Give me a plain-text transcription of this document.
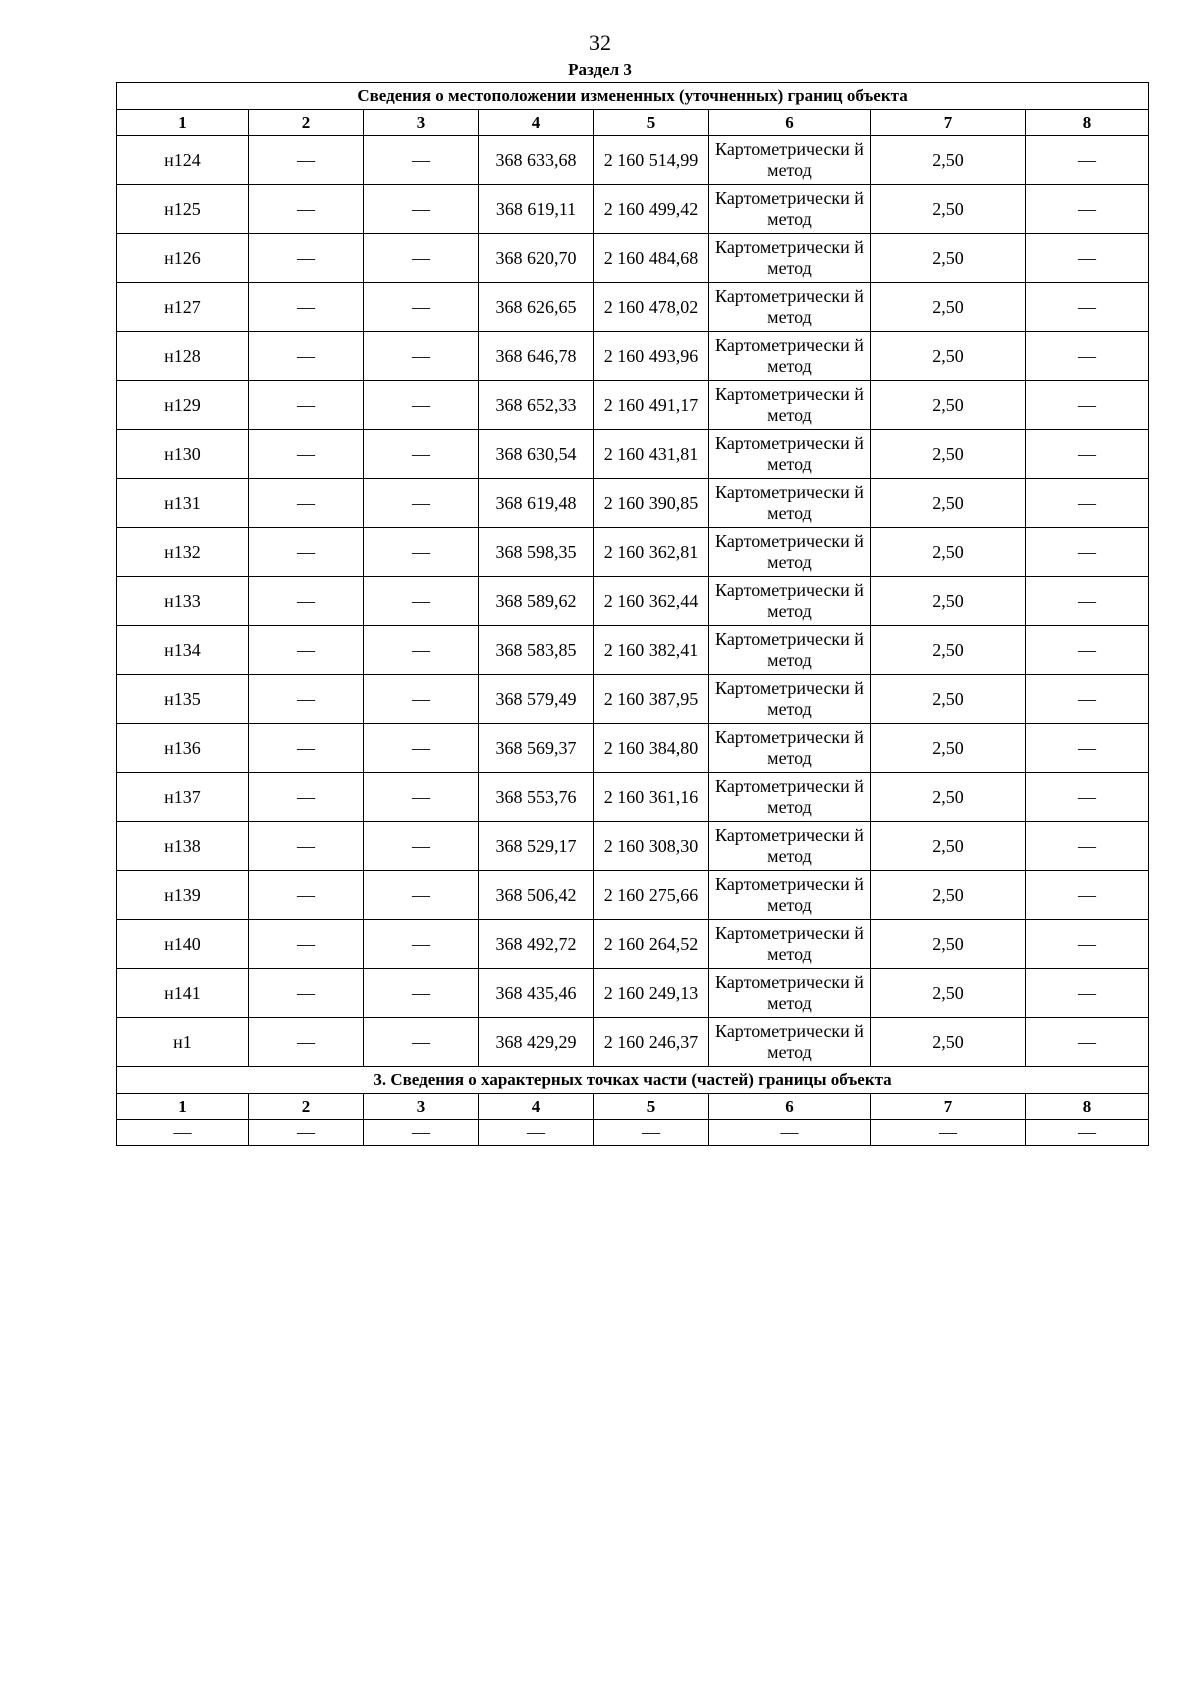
32
Раздел 3
Сведения о местоположении измененных (уточненных) границ объекта							
1	2	3	4	5	6	7	8
н124	—	—	368 633,68	2 160 514,99	Картометрически й метод	2,50	—
н125	—	—	368 619,11	2 160 499,42	Картометрически й метод	2,50	—
н126	—	—	368 620,70	2 160 484,68	Картометрически й метод	2,50	—
н127	—	—	368 626,65	2 160 478,02	Картометрически й метод	2,50	—
н128	—	—	368 646,78	2 160 493,96	Картометрически й метод	2,50	—
н129	—	—	368 652,33	2 160 491,17	Картометрически й метод	2,50	—
н130	—	—	368 630,54	2 160 431,81	Картометрически й метод	2,50	—
н131	—	—	368 619,48	2 160 390,85	Картометрически й метод	2,50	—
н132	—	—	368 598,35	2 160 362,81	Картометрически й метод	2,50	—
н133	—	—	368 589,62	2 160 362,44	Картометрически й метод	2,50	—
н134	—	—	368 583,85	2 160 382,41	Картометрически й метод	2,50	—
н135	—	—	368 579,49	2 160 387,95	Картометрически й метод	2,50	—
н136	—	—	368 569,37	2 160 384,80	Картометрически й метод	2,50	—
н137	—	—	368 553,76	2 160 361,16	Картометрически й метод	2,50	—
н138	—	—	368 529,17	2 160 308,30	Картометрически й метод	2,50	—
н139	—	—	368 506,42	2 160 275,66	Картометрически й метод	2,50	—
н140	—	—	368 492,72	2 160 264,52	Картометрически й метод	2,50	—
н141	—	—	368 435,46	2 160 249,13	Картометрически й метод	2,50	—
н1	—	—	368 429,29	2 160 246,37	Картометрически й метод	2,50	—
3. Сведения о характерных точках части (частей) границы объекта							
1	2	3	4	5	6	7	8
—	—	—	—	—	—	—	—
